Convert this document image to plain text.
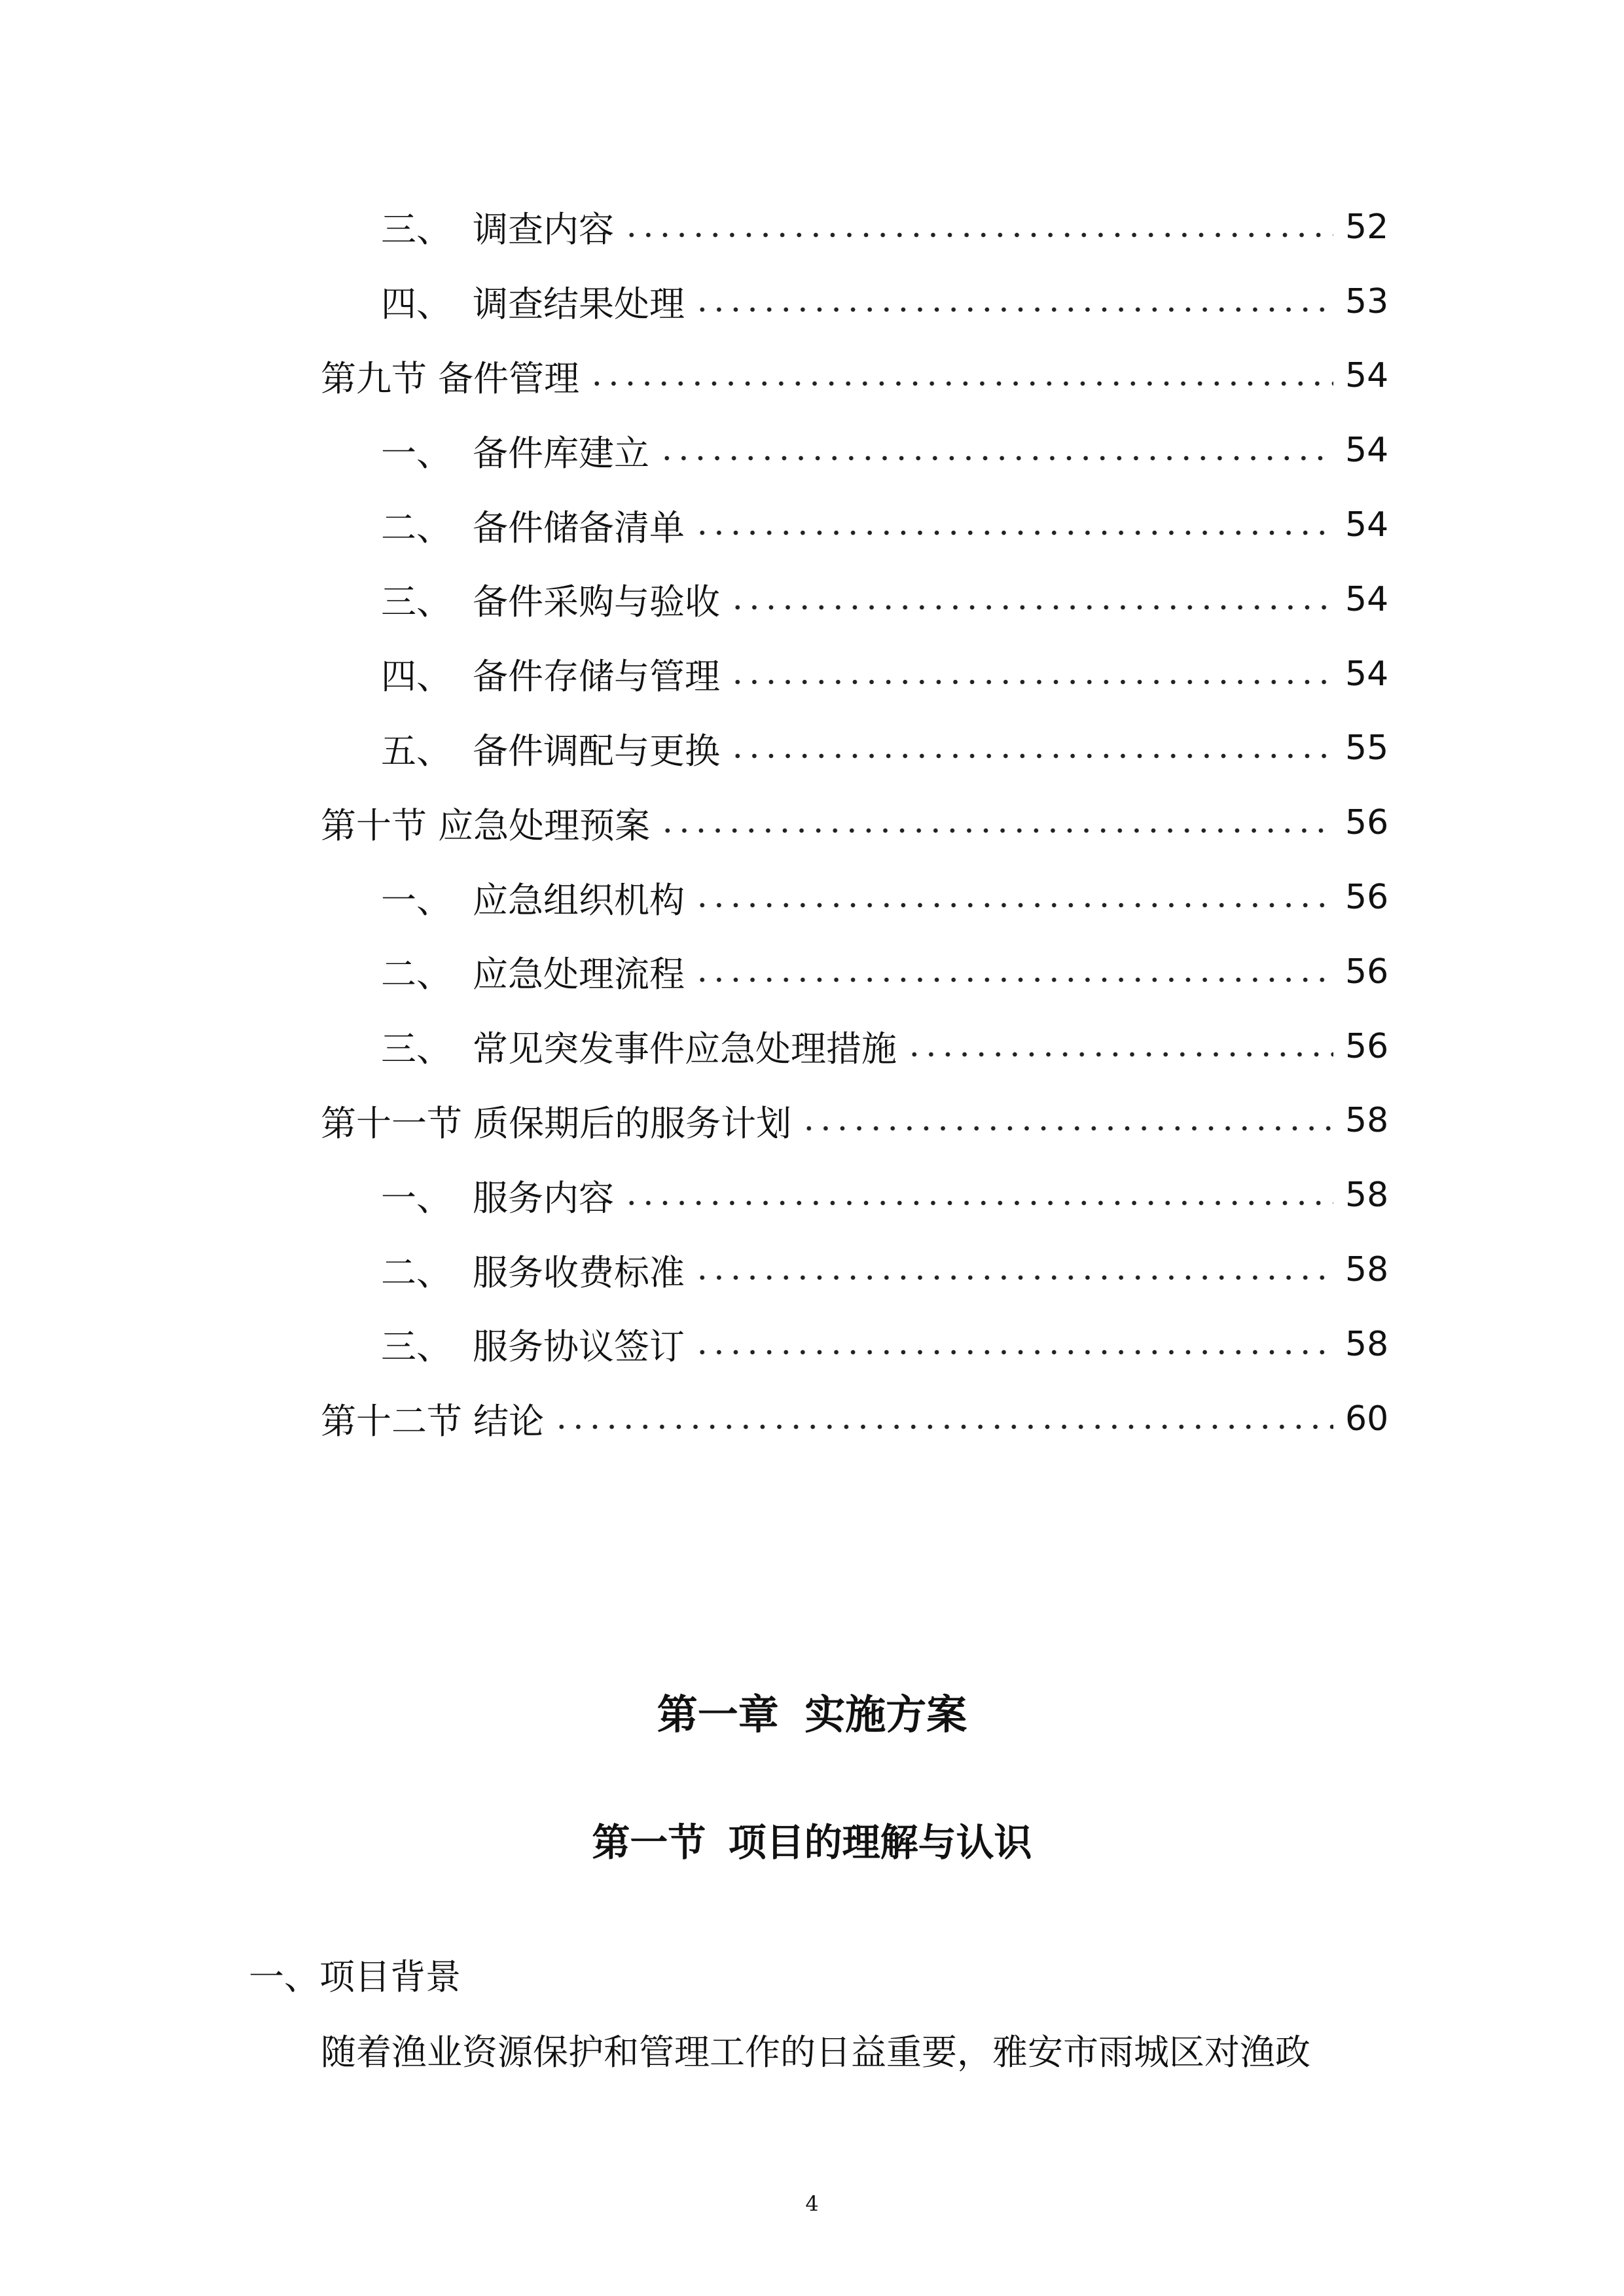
三、 调查内容	52
四、 调查结果处理	53
第九节 备件管理	54
一、 备件库建立	54
二、 备件储备清单	54
三、 备件采购与验收	54
四、 备件存储与管理	54
五、 备件调配与更换	55
第十节 应急处理预案	56
一、 应急组织机构	56
二、 应急处理流程	56
三、 常见突发事件应急处理措施	56
第十一节 质保期后的服务计划	58
一、 服务内容	58
二、 服务收费标准	58
三、 服务协议签订	58
第十二节 结论	60
第一章 实施方案
第一节 项目的理解与认识
一、项目背景
随着渔业资源保护和管理工作的日益重要，雅安市雨城区对渔政
4
